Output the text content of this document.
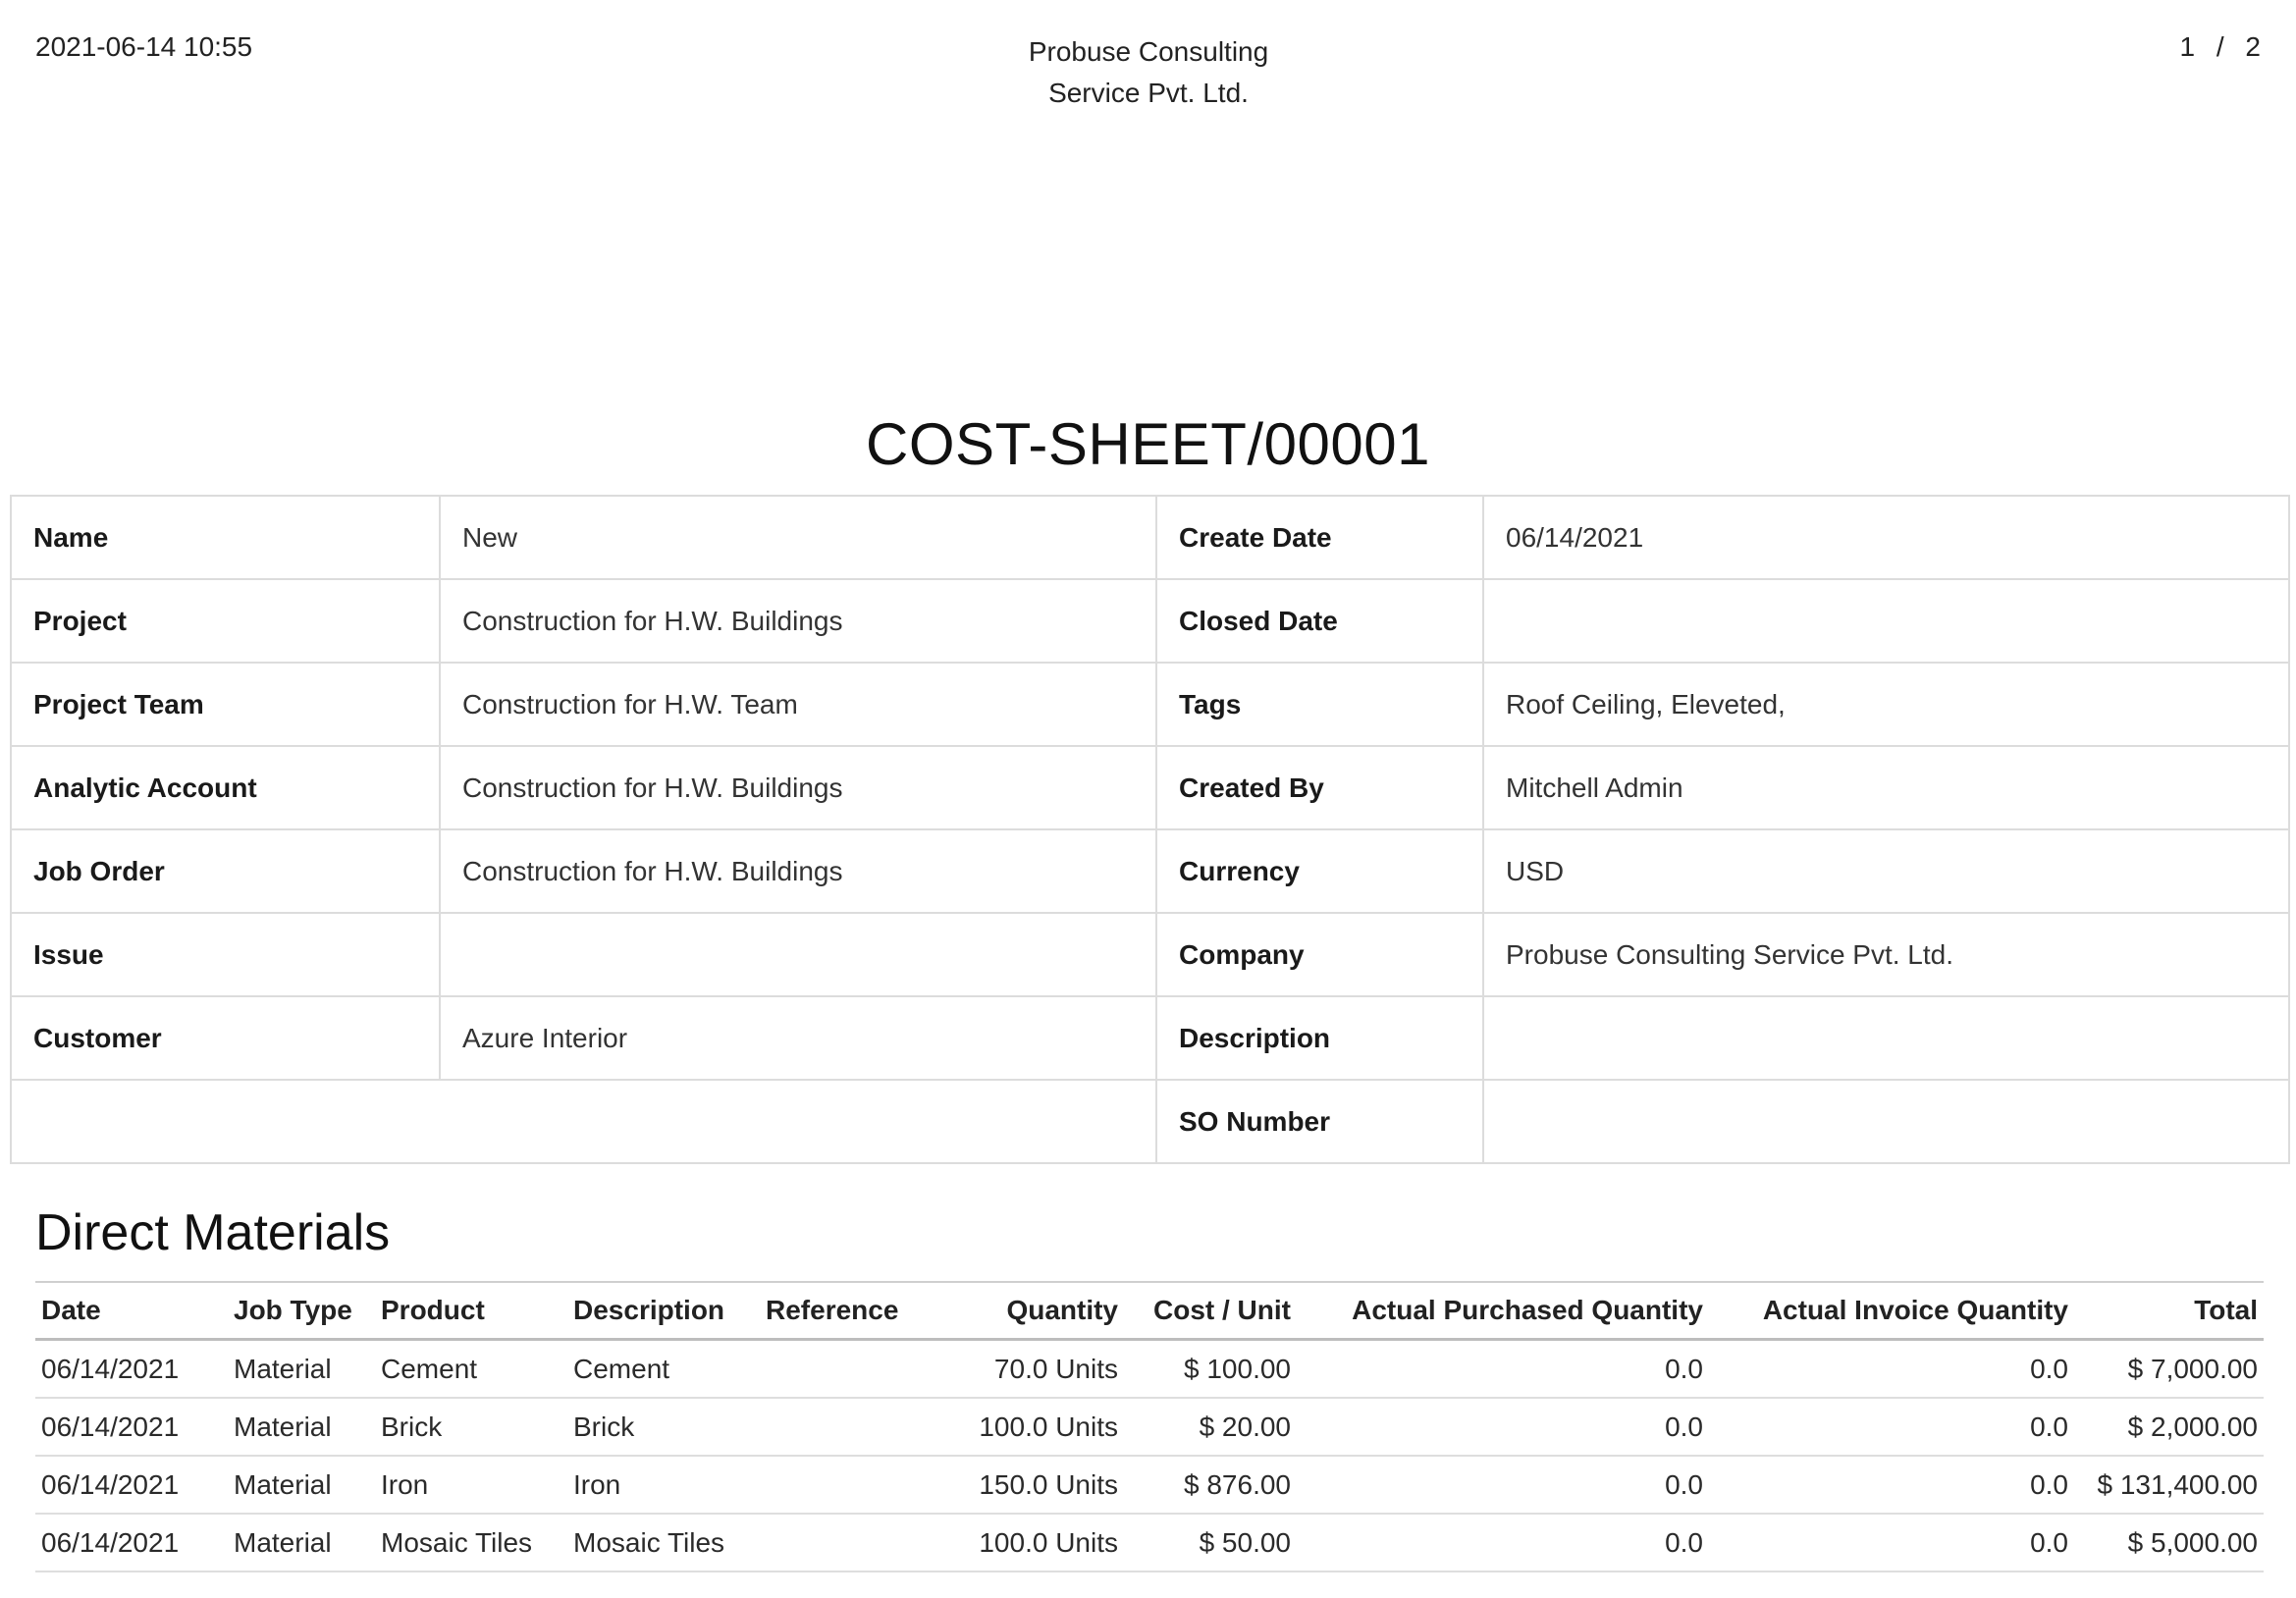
2021-06-14 10:55	Probuse Consulting
Service Pvt. Ltd.
1 / 2
COST-SHEET/00001
Name	New	Create Date	06/14/2021
Project	Construction for H.W. Buildings	Closed Date	
Project Team	Construction for H.W. Team	Tags	Roof Ceiling, Eleveted,
Analytic Account	Construction for H.W. Buildings	Created By	Mitchell Admin
Job Order	Construction for H.W. Buildings	Currency	USD
Issue		Company	Probuse Consulting Service Pvt. Ltd.
Customer	Azure Interior	Description	
		SO Number	
Direct Materials
Date	Job Type	Product	Description	Reference	Quantity	Cost / Unit	Actual Purchased Quantity	Actual Invoice Quantity	Total
06/14/2021	Material	Cement	Cement		70.0 Units	$ 100.00	0.0	0.0	$ 7,000.00
06/14/2021	Material	Brick	Brick		100.0 Units	$ 20.00	0.0	0.0	$ 2,000.00
06/14/2021	Material	Iron	Iron		150.0 Units	$ 876.00	0.0	0.0	$ 131,400.00
06/14/2021	Material	Mosaic Tiles	Mosaic Tiles		100.0 Units	$ 50.00	0.0	0.0	$ 5,000.00
